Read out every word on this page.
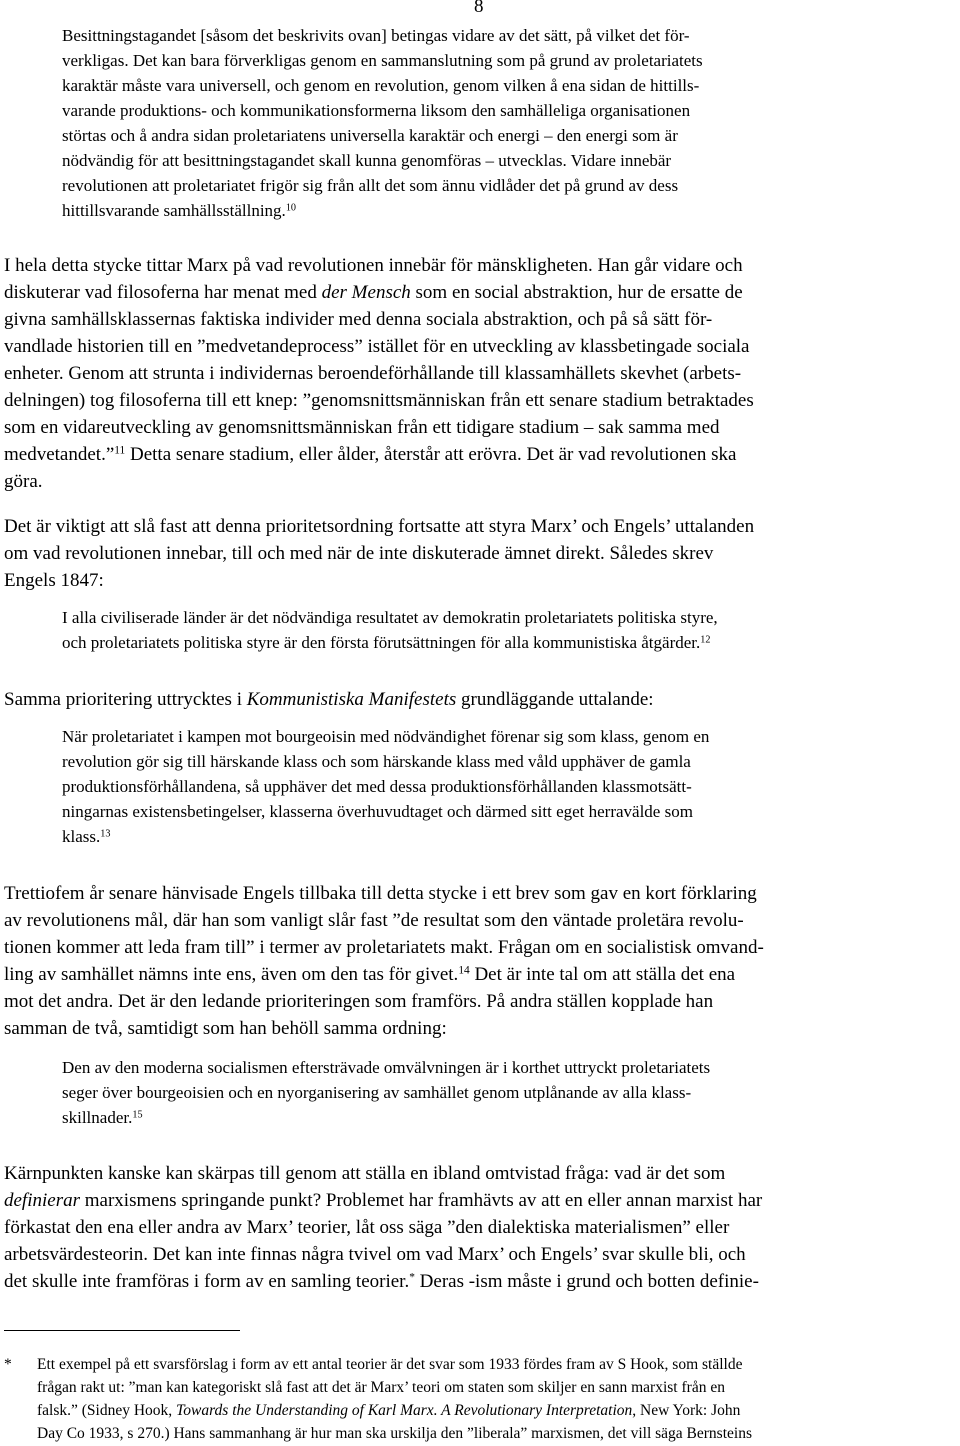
8
Besittningstagandet [såsom det beskrivits ovan] betingas vidare av det sätt, på vilket det för-
verkligas. Det kan bara förverkligas genom en sammanslutning som på grund av proletariatets
karaktär måste vara universell, och genom en revolution, genom vilken å ena sidan de hittills-
varande produktions- och kommunikationsformerna liksom den samhälleliga organisationen
störtas och å andra sidan proletariatens universella karaktär och energi – den energi som är
nödvändig för att besittningstagandet skall kunna genomföras – utvecklas. Vidare innebär
revolutionen att proletariatet frigör sig från allt det som ännu vidlåder det på grund av dess
hittillsvarande samhällsställning.$^{10}$
I hela detta stycke tittar Marx på vad revolutionen innebär för mänskligheten. Han går vidare och
diskuterar vad filosoferna har menat med der Mensch som en social abstraktion, hur de ersatte de
givna samhällsklassernas faktiska individer med denna sociala abstraktion, och på så sätt för-
vandlade historien till en ”medvetandeprocess” istället för en utveckling av klassbetingade sociala
enheter. Genom att strunta i individernas beroendeförhållande till klassamhällets skevhet (arbets-
delningen) tog filosoferna till ett knep: ”genomsnittsmänniskan från ett senare stadium betraktades
som en vidareutveckling av genomsnittsmänniskan från ett tidigare stadium – sak samma med
medvetandet.”$^{11}$ Detta senare stadium, eller ålder, återstår att erövra. Det är vad revolutionen ska
göra.
Det är viktigt att slå fast att denna prioritetsordning fortsatte att styra Marx’ och Engels’ uttalanden
om vad revolutionen innebar, till och med när de inte diskuterade ämnet direkt. Således skrev
Engels 1847:
I alla civiliserade länder är det nödvändiga resultatet av demokratin proletariatets politiska styre,
och proletariatets politiska styre är den första förutsättningen för alla kommunistiska åtgärder.$^{12}$
Samma prioritering uttrycktes i Kommunistiska Manifestets grundläggande uttalande:
När proletariatet i kampen mot bourgeoisin med nödvändighet förenar sig som klass, genom en
revolution gör sig till härskande klass och som härskande klass med våld upphäver de gamla
produktionsförhållandena, så upphäver det med dessa produktionsförhållanden klassmotsätt-
ningarnas existensbetingelser, klasserna överhuvudtaget och därmed sitt eget herravälde som
klass.$^{13}$
Trettiofem år senare hänvisade Engels tillbaka till detta stycke i ett brev som gav en kort förklaring
av revolutionens mål, där han som vanligt slår fast ”de resultat som den väntade proletära revolu-
tionen kommer att leda fram till” i termer av proletariatets makt. Frågan om en socialistisk omvand-
ling av samhället nämns inte ens, även om den tas för givet.$^{14}$ Det är inte tal om att ställa det ena
mot det andra. Det är den ledande prioriteringen som framförs. På andra ställen kopplade han
samman de två, samtidigt som han behöll samma ordning:
Den av den moderna socialismen eftersträvade omvälvningen är i korthet uttryckt proletariatets
seger över bourgeoisien och en nyorganisering av samhället genom utplånande av alla klass-
skillnader.$^{15}$
Kärnpunkten kanske kan skärpas till genom att ställa en ibland omtvistad fråga: vad är det som
definierar marxismens springande punkt? Problemet har framhävts av att en eller annan marxist har
förkastat den ena eller andra av Marx’ teorier, låt oss säga ”den dialektiska materialismen” eller
arbetsvärdesteorin. Det kan inte finnas några tvivel om vad Marx’ och Engels’ svar skulle bli, och
det skulle inte framföras i form av en samling teorier.* Deras -ism måste i grund och botten definie-
* Ett exempel på ett svarsförslag i form av ett antal teorier är det svar som 1933 fördes fram av S Hook, som ställde
frågan rakt ut: ”man kan kategoriskt slå fast att det är Marx’ teori om staten som skiljer en sann marxist från en
falsk.” (Sidney Hook, Towards the Understanding of Karl Marx. A Revolutionary Interpretation, New York: John
Day Co 1933, s 270.) Hans sammanhang är hur man ska urskilja den ”liberala” marxismen, det vill säga Bernsteins
